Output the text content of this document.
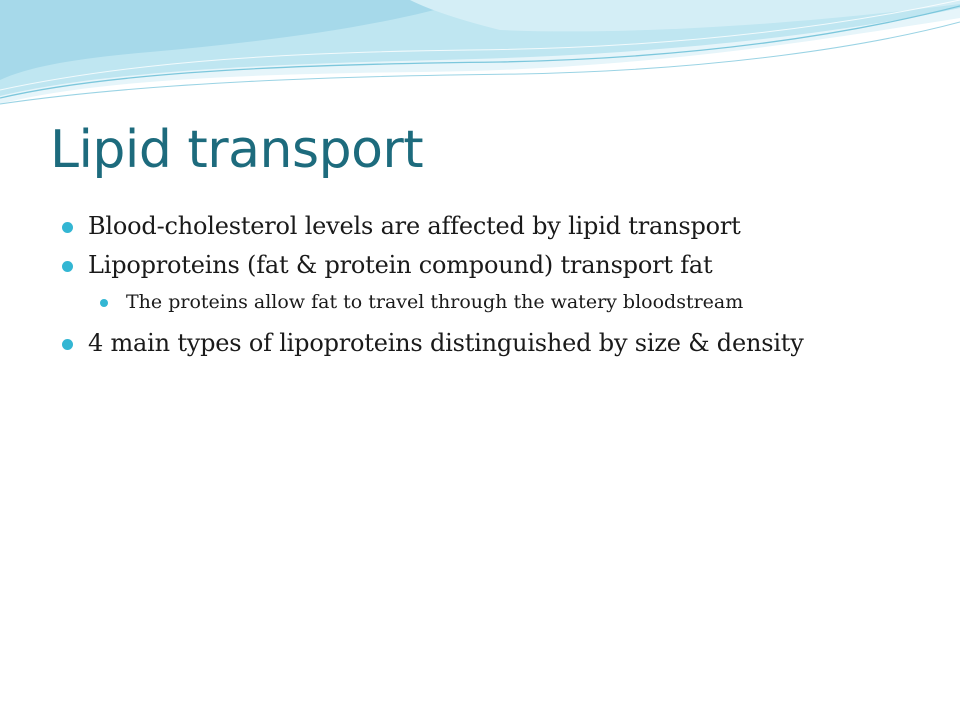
Lipid transport
Blood-cholesterol levels are affected by lipid transport
Lipoproteins (fat & protein compound) transport fat
The proteins allow fat to travel through the watery bloodstream
4 main types of lipoproteins distinguished by size & density
